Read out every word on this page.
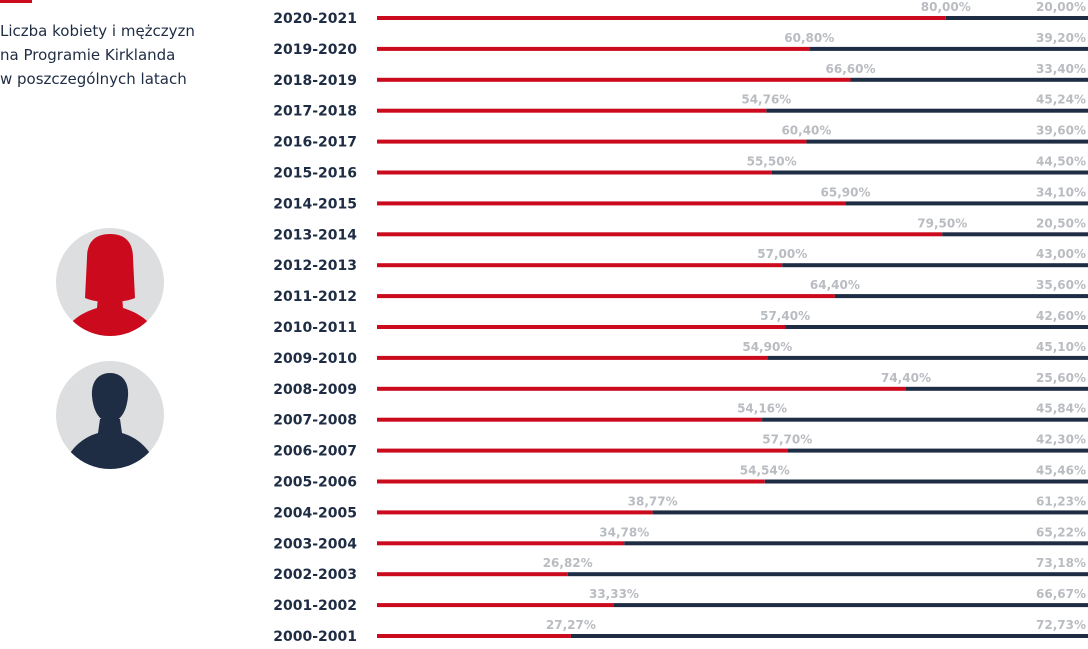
Liczba kobiety i mężczyzn
na Programie Kirklanda
w poszczególnych latach
2020-2021
80,00%	20,00%
2019-2020
60,80%	39,20%
2018-2019
66,60%	33,40%
2017-2018
54,76%	45,24%
2016-2017
60,40%	39,60%
2015-2016
55,50%	44,50%
2014-2015
65,90%	34,10%
2013-2014
79,50%	20,50%
2012-2013
57,00%	43,00%
2011-2012
64,40%	35,60%
2010-2011
57,40%	42,60%
2009-2010
54,90%	45,10%
2008-2009
74,40%	25,60%
2007-2008
54,16%	45,84%
2006-2007
57,70%	42,30%
2005-2006
54,54%	45,46%
2004-2005
38,77%	61,23%
2003-2004
34,78%	65,22%
2002-2003
26,82%	73,18%
2001-2002
33,33%	66,67%
2000-2001
27,27%	72,73%
